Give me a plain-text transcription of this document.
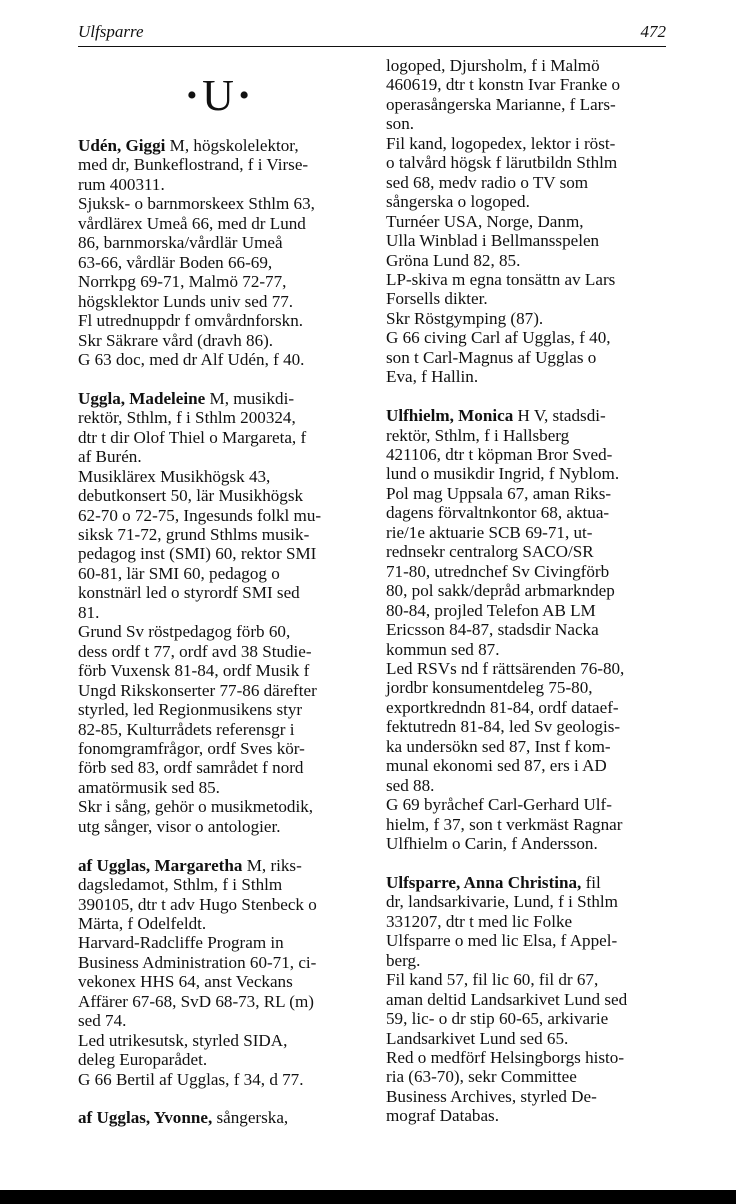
Ulfsparre	472
• U •
Udén, Giggi M, högskolelektor,
med dr, Bunkeflostrand, f i Virse-
rum 400311.
Sjuksk- o barnmorskeex Sthlm 63,
vårdlärex Umeå 66, med dr Lund
86, barnmorska/vårdlär Umeå
63-66, vårdlär Boden 66-69,
Norrkpg 69-71, Malmö 72-77,
högsklektor Lunds univ sed 77.
Fl utrednuppdr f omvårdnforskn.
Skr Säkrare vård (dravh 86).
G 63 doc, med dr Alf Udén, f 40.
Uggla, Madeleine M, musikdi-
rektör, Sthlm, f i Sthlm 200324,
dtr t dir Olof Thiel o Margareta, f
af Burén.
Musiklärex Musikhögsk 43,
debutkonsert 50, lär Musikhögsk
62-70 o 72-75, Ingesunds folkl mu-
siksk 71-72, grund Sthlms musik-
pedagog inst (SMI) 60, rektor SMI
60-81, lär SMI 60, pedagog o
konstnärl led o styrordf SMI sed
81.
Grund Sv röstpedagog förb 60,
dess ordf t 77, ordf avd 38 Studie-
förb Vuxensk 81-84, ordf Musik f
Ungd Rikskonserter 77-86 därefter
styrled, led Regionmusikens styr
82-85, Kulturrådets referensgr i
fonomgramfrågor, ordf Sves kör-
förb sed 83, ordf samrådet f nord
amatörmusik sed 85.
Skr i sång, gehör o musikmetodik,
utg sånger, visor o antologier.
af Ugglas, Margaretha M, riks-
dagsledamot, Sthlm, f i Sthlm
390105, dtr t adv Hugo Stenbeck o
Märta, f Odelfeldt.
Harvard-Radcliffe Program in
Business Administration 60-71, ci-
vekonex HHS 64, anst Veckans
Affärer 67-68, SvD 68-73, RL (m)
sed 74.
Led utrikesutsk, styrled SIDA,
deleg Europarådet.
G 66 Bertil af Ugglas, f 34, d 77.
af Ugglas, Yvonne, sångerska,
logoped, Djursholm, f i Malmö
460619, dtr t konstn Ivar Franke o
operasångerska Marianne, f Lars-
son.
Fil kand, logopedex, lektor i röst-
o talvård högsk f lärutbildn Sthlm
sed 68, medv radio o TV som
sångerska o logoped.
Turnéer USA, Norge, Danm,
Ulla Winblad i Bellmansspelen
Gröna Lund 82, 85.
LP-skiva m egna tonsättn av Lars
Forsells dikter.
Skr Röstgymping (87).
G 66 civing Carl af Ugglas, f 40,
son t Carl-Magnus af Ugglas o
Eva, f Hallin.
Ulfhielm, Monica H V, stadsdi-
rektör, Sthlm, f i Hallsberg
421106, dtr t köpman Bror Sved-
lund o musikdir Ingrid, f Nyblom.
Pol mag Uppsala 67, aman Riks-
dagens förvaltnkontor 68, aktua-
rie/1e aktuarie SCB 69-71, ut-
rednsekr centralorg SACO/SR
71-80, utrednchef Sv Civingförb
80, pol sakk/depråd arbmarkndep
80-84, projled Telefon AB LM
Ericsson 84-87, stadsdir Nacka
kommun sed 87.
Led RSVs nd f rättsärenden 76-80,
jordbr konsumentdeleg 75-80,
exportkredndn 81-84, ordf dataef-
fektutredn 81-84, led Sv geologis-
ka undersökn sed 87, Inst f kom-
munal ekonomi sed 87, ers i AD
sed 88.
G 69 byråchef Carl-Gerhard Ulf-
hielm, f 37, son t verkmäst Ragnar
Ulfhielm o Carin, f Andersson.
Ulfsparre, Anna Christina, fil
dr, landsarkivarie, Lund, f i Sthlm
331207, dtr t med lic Folke
Ulfsparre o med lic Elsa, f Appel-
berg.
Fil kand 57, fil lic 60, fil dr 67,
aman deltid Landsarkivet Lund sed
59, lic- o dr stip 60-65, arkivarie
Landsarkivet Lund sed 65.
Red o medförf Helsingborgs histo-
ria (63-70), sekr Committee
Business Archives, styrled De-
mograf Databas.
